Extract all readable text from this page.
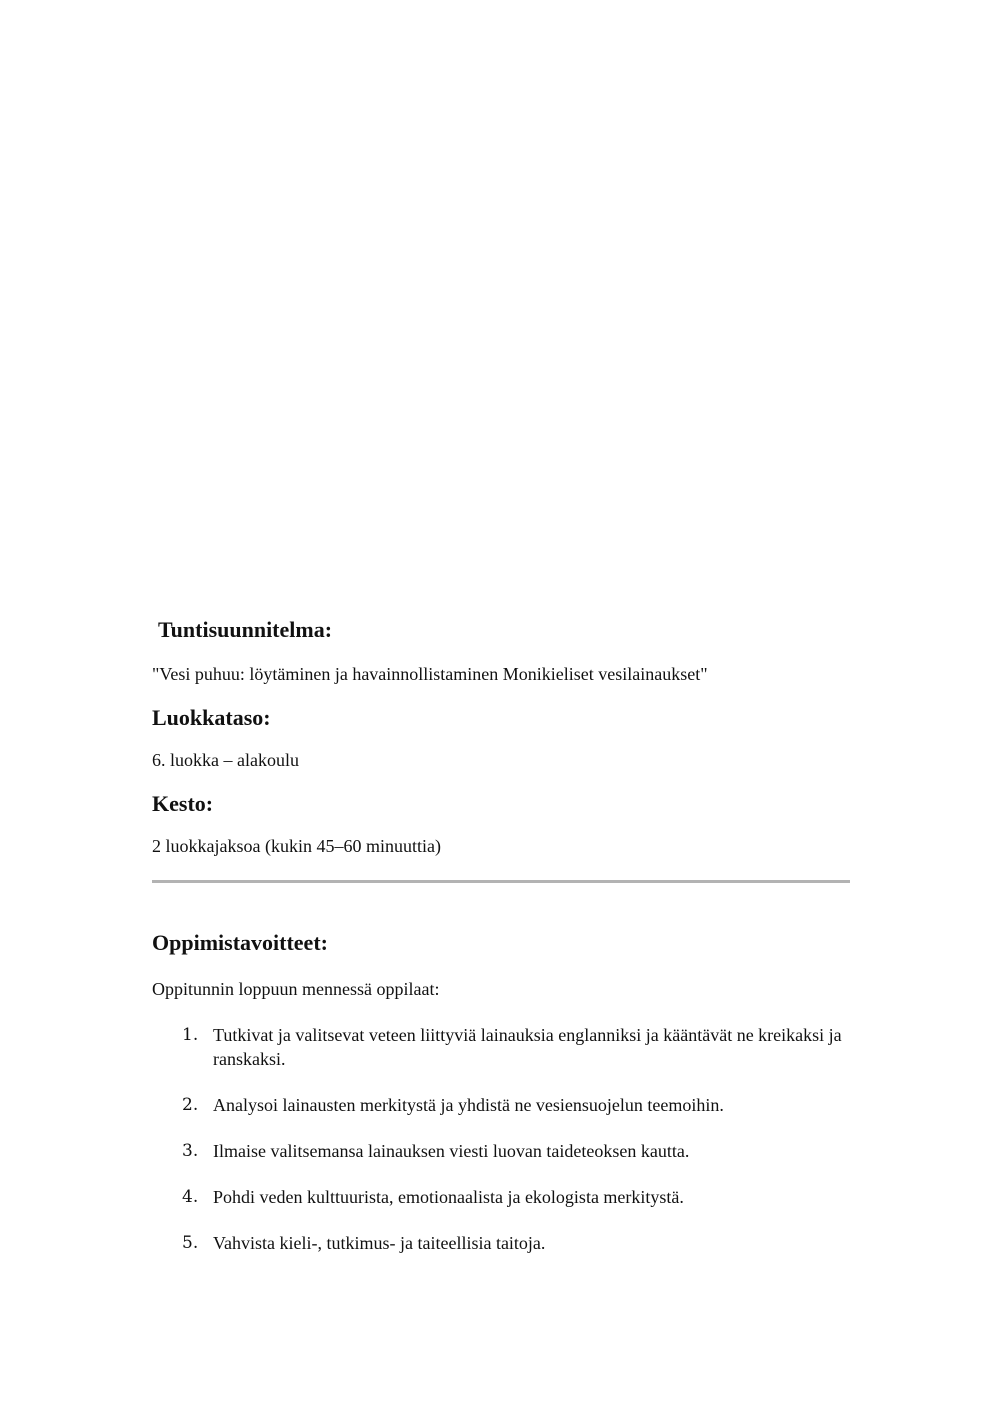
Tuntisuunnitelma:

"Vesi puhuu: löytäminen ja havainnollistaminen Monikieliset vesilainaukset"

Luokkataso:

6. luokka – alakoulu

Kesto:

2 luokkajaksoa (kukin 45–60 minuuttia)

Oppimistavoitteet:

Oppitunnin loppuun mennessä oppilaat:

1. Tutkivat ja valitsevat veteen liittyviä lainauksia englanniksi ja kääntävät ne kreikaksi ja ranskaksi.
2. Analysoi lainausten merkitystä ja yhdistä ne vesiensuojelun teemoihin.
3. Ilmaise valitsemansa lainauksen viesti luovan taideteoksen kautta.
4. Pohdi veden kulttuurista, emotionaalista ja ekologista merkitystä.
5. Vahvista kieli-, tutkimus- ja taiteellisia taitoja.
